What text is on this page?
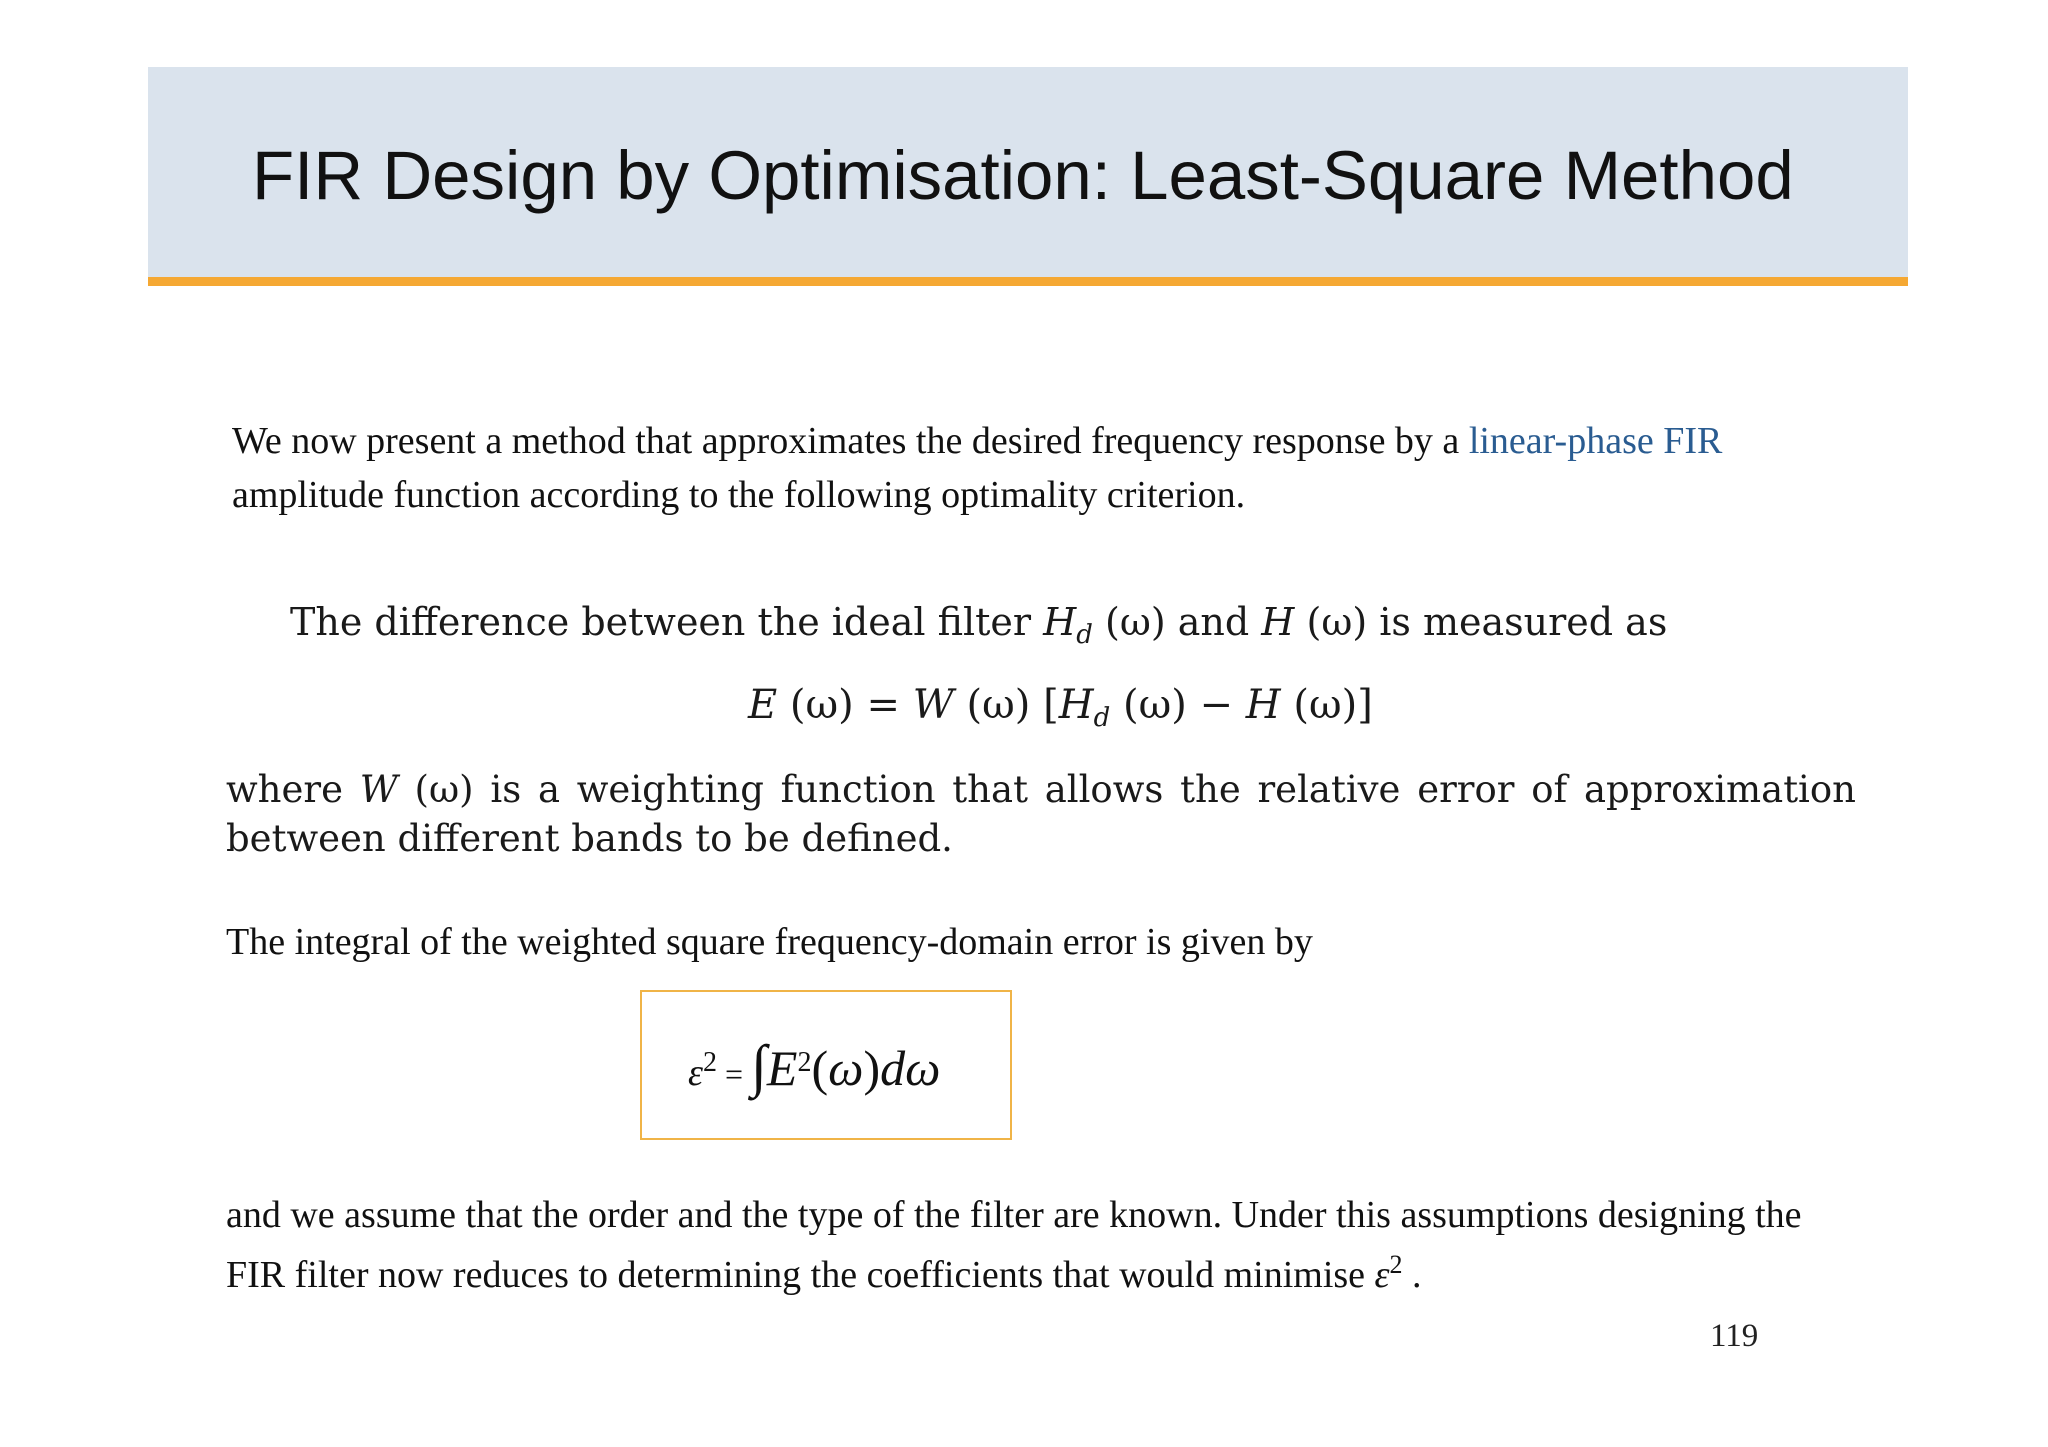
FIR Design by Optimisation: Least-Square Method

We now present a method that approximates the desired frequency response by a linear-phase FIR amplitude function according to the following optimality criterion.

The difference between the ideal filter $H_d$ (ω) and H (ω) is measured as

E (ω) = W (ω) [$H_d$ (ω) − H (ω)]

where W (ω) is a weighting function that allows the relative error of approximation between different bands to be defined.

The integral of the weighted square frequency-domain error is given by

$\varepsilon^2 = \int E^2(\omega)d\omega$

and we assume that the order and the type of the filter are known. Under this assumptions designing the FIR filter now reduces to determining the coefficients that would minimise $\varepsilon^2$ .

119
